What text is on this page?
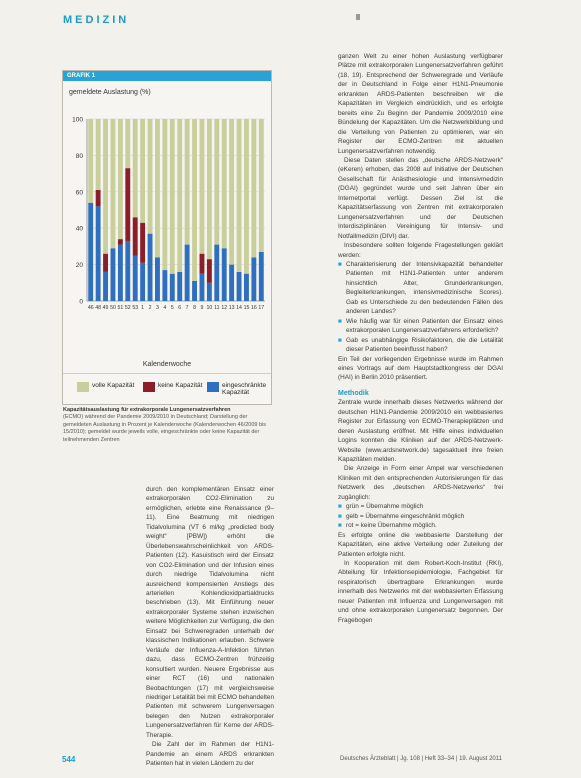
MEDIZIN
GRAFIK 1
gemeldete Auslastung (%)
0
20
40
60
80
100
46 48 49 50 51 52 53 1 2 3 4 5 6 7 8 9 10 11 12 13 14 15 16 17
Kalenderwoche
volle Kapazität	keine Kapazität	eingeschränkte Kapazität
Kapazitätsauslastung für extrakorporale Lungenersatzverfahren
(ECMO) während der Pandemie 2009/2010 in Deutschland; Darstellung der gemeldeten Auslastung in Prozent je Kalenderwoche (Kalenderwochen 46/2009 bis 15/2010); gemeldet wurde jeweils volle, eingeschränkte oder keine Kapazität der teilnehmenden Zentren

durch den komplementären Einsatz einer extrakorporalen CO2-Elimination zu ermöglichen, erlebte eine Renaissance (9–11). Eine Beatmung mit niedrigen Tidalvolumina (VT 6 ml/kg „predicted body weight“ [PBW]) erhöht die Überlebenswahrscheinlichkeit von ARDS-Patienten (12). Kasuistisch wird der Einsatz von CO2-Elimination und der Infusion eines durch niedrige Tidalvolumina nicht ausreichend kompensierten Anstiegs des arteriellen Kohlendioxidpartialdrucks beschrieben (13). Mit Einführung neuer extrakorporaler Systeme stehen inzwischen weitere Möglichkeiten zur Verfügung, die den Einsatz bei Schweregraden unterhalb der klassischen Indikationen erlauben. Schwere Verläufe der Influenza-A-Infektion führten dazu, dass ECMO-Zentren frühzeitig konsultiert wurden. Neuere Ergebnisse aus einer RCT (16) und nationalen Beobachtungen (17) mit vergleichsweise niedriger Letalität bei mit ECMO behandelten Patienten mit schwerem Lungenversagen belegen den Nutzen extrakorporaler Lungenersatzverfahren für Kerne der ARDS-Therapie.

Die Zahl der im Rahmen der H1N1-Pandemie an einem ARDS erkrankten Patienten hat in vielen Ländern zu der

ganzen Welt zu einer hohen Auslastung verfügbarer Plätze mit extrakorporalen Lungenersatzverfahren geführt (18, 19). Entsprechend der Schweregrade und Verläufe der in Deutschland in Folge einer H1N1-Pneumonie erkrankten ARDS-Patienten beschreiben wir die Kapazitäten im Vergleich eindrücklich, und es erfolgte bereits eine Zu Beginn der Pandemie 2009/2010 eine Bündelung der Kapazitäten. Um die Netzwerkbildung und die Verteilung von Patienten zu optimieren, war ein Register der ECMO-Zentren mit aktuellen Lungenersatzverfahren notwendig.

Diese Daten stellen das „deutsche ARDS-Netzwerk“ (eKeren) erhoben, das 2008 auf Initiative der Deutschen Gesellschaft für Anästhesiologie und Intensivmedizin (DGAI) gegründet wurde und seit Jahren über ein Internetportal verfügt. Dessen Ziel ist die Kapazitätserfassung von Zentren mit extrakorporalen Lungenersatzverfahren und der Deutschen Interdisziplinären Vereinigung für Intensiv- und Notfallmedizin (DIVI) dar.

Insbesondere sollten folgende Fragestellungen geklärt werden:

■ Charakterisierung der Intensivkapazität behandelter Patienten mit H1N1-Patienten unter anderem hinsichtlich Alter, Grunderkrankungen, Begleiterkrankungen, intensivmedizinische Scores). Gab es Unterschiede zu den bedeutenden Fällen des anderen Landes?
■ Wie häufig war für einen Patienten der Einsatz eines extrakorporalen Lungenersatzverfahrens erforderlich?
■ Gab es unabhängige Risikofaktoren, die die Letalität dieser Patienten beeinflusst haben?

Ein Teil der vorliegenden Ergebnisse wurde im Rahmen eines Vortrags auf dem Hauptstadtkongress der DGAI (HAI) in Berlin 2010 präsentiert.

Methodik

Zentrale wurde innerhalb dieses Netzwerks während der deutschen H1N1-Pandemie 2009/2010 ein webbasiertes Register zur Erfassung von ECMO-Therapieplätzen und deren Auslastung eröffnet. Mit Hilfe eines individuellen Logins konnten die Kliniken auf der ARDS-Netzwerk-Website (www.ardsnetwork.de) tagesaktuell ihre freien Kapazitäten melden.

Die Anzeige in Form einer Ampel war verschiedenen Kliniken mit den entsprechenden Autorisierungen für das Netzwerk des „deutschen ARDS-Netzwerks“ frei zugänglich:

■ grün = Übernahme möglich
■ gelb = Übernahme eingeschränkt möglich
■ rot = keine Übernahme möglich.

Es erfolgte online die webbasierte Darstellung der Kapazitäten, eine aktive Verteilung oder Zuteilung der Patienten erfolgte nicht.

In Kooperation mit dem Robert-Koch-Institut (RKI), Abteilung für Infektionsepidemiologie, Fachgebiet für respiratorisch übertragbare Erkrankungen wurde innerhalb des Netzwerks mit der webbasierten Erfassung neuer Patienten mit Influenza und Lungenversagen mit und ohne extrakorporalen Lungenersatz begonnen. Der Fragebogen

544	Deutsches Ärzteblatt | Jg. 108 | Heft 33–34 | 19. August 2011
